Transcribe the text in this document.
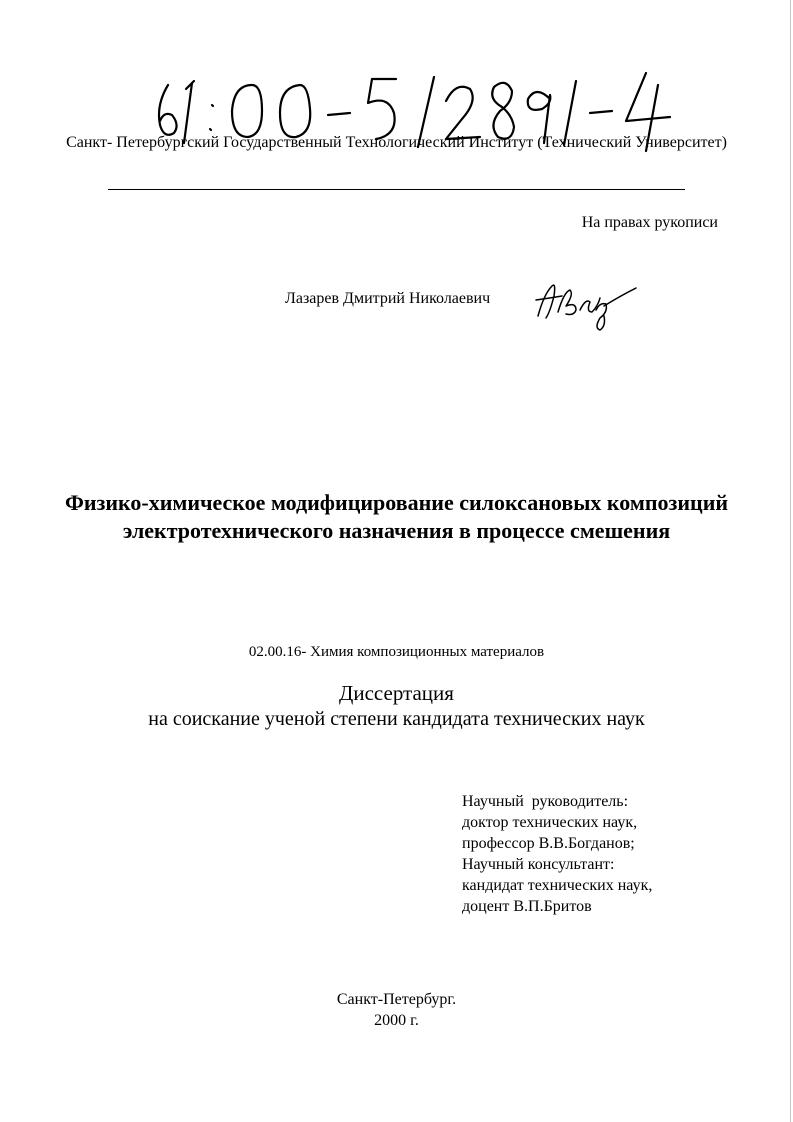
Санкт- Петербургский Государственный Технологический Институт (Технический Университет)
На правах рукописи
Лазарев Дмитрий Николаевич
Физико-химическое модифицирование силоксановых композиций электротехнического назначения в процессе смешения
02.00.16- Химия композиционных материалов
Диссертация
на соискание ученой степени кандидата технических наук
Научный  руководитель:
доктор технических наук,
профессор В.В.Богданов;
Научный консультант:
кандидат технических наук,
доцент В.П.Бритов
Санкт-Петербург.
2000 г.
